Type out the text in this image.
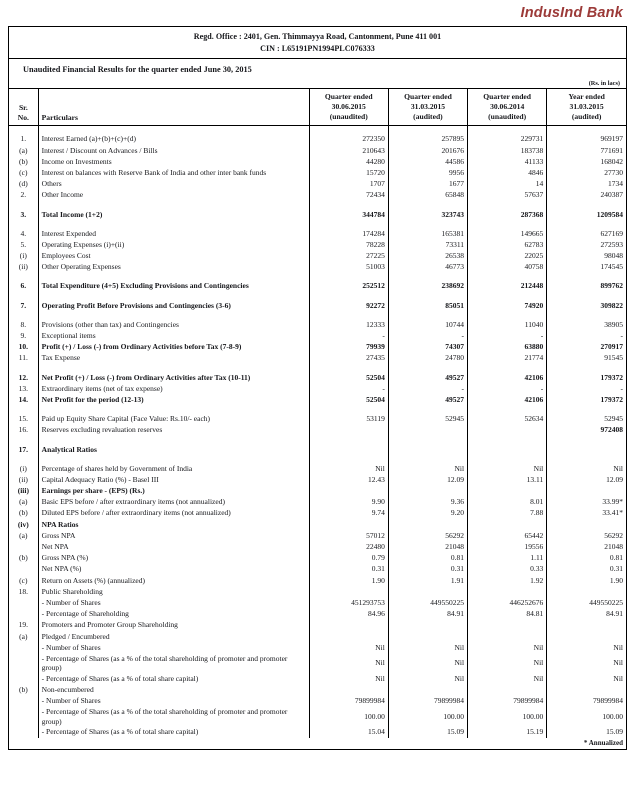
IndusInd Bank
Regd. Office : 2401, Gen. Thimmayya Road, Cantonment, Pune 411 001
CIN : L65191PN1994PLC076333
Unaudited Financial Results for the quarter ended June 30, 2015
(Rs. in lacs)
Sr.
No.	Particulars	Quarter ended
30.06.2015
(unaudited)	Quarter ended
31.03.2015
(audited)	Quarter ended
30.06.2014
(unaudited)	Year ended
31.03.2015
(audited)

1.	Interest Earned (a)+(b)+(c)+(d)	272350	257895	229731	969197
(a)	Interest / Discount on Advances / Bills	210643	201676	183738	771691
(b)	Income on Investments	44280	44586	41133	168042
(c)	Interest on balances with Reserve Bank of India and other inter bank funds	15720	9956	4846	27730
(d)	Others	1707	1677	14	1734
2.	Other Income	72434	65848	57637	240387

3.	Total Income (1+2)	344784	323743	287368	1209584

4.	Interest Expended	174284	165381	149665	627169
5.	Operating Expenses (i)+(ii)	78228	73311	62783	272593
(i)	Employees Cost	27225	26538	22025	98048
(ii)	Other Operating Expenses	51003	46773	40758	174545

6.	Total Expenditure (4+5) Excluding Provisions and Contingencies	252512	238692	212448	899762

7.	Operating Profit Before Provisions and Contingencies (3-6)	92272	85051	74920	309822

8.	Provisions (other than tax) and Contingencies	12333	10744	11040	38905
9.	Exceptional items	-	-	-	-
10.	Profit (+) / Loss (-) from Ordinary Activities before Tax (7-8-9)	79939	74307	63880	270917
11.	Tax Expense	27435	24780	21774	91545

12.	Net Profit (+) / Loss (-) from Ordinary Activities after Tax (10-11)	52504	49527	42106	179372
13.	Extraordinary items (net of tax expense)	-	-	-	-
14.	Net Profit for the period (12-13)	52504	49527	42106	179372

15.	Paid up Equity Share Capital (Face Value: Rs.10/- each)	53119	52945	52634	52945
16.	Reserves excluding revaluation reserves				972408

17.	Analytical Ratios				

(i)	Percentage of shares held by Government of India	Nil	Nil	Nil	Nil
(ii)	Capital Adequacy Ratio (%) - Basel III	12.43	12.09	13.11	12.09
(iii)	Earnings per share - (EPS) (Rs.)				
(a)	Basic EPS before / after extraordinary items (not annualized)	9.90	9.36	8.01	33.99*
(b)	Diluted EPS before / after extraordinary items (not annualized)	9.74	9.20	7.88	33.41*
(iv)	NPA Ratios				
(a)	Gross NPA	57012	56292	65442	56292
	Net NPA	22480	21048	19556	21048
(b)	Gross NPA (%)	0.79	0.81	1.11	0.81
	Net NPA (%)	0.31	0.31	0.33	0.31
(c)	Return on Assets (%) (annualized)	1.90	1.91	1.92	1.90
18.	Public Shareholding				
	- Number of Shares	451293753	449550225	446252676	449550225
	- Percentage of Shareholding	84.96	84.91	84.81	84.91
19.	Promoters and Promoter Group Shareholding				
(a)	Pledged / Encumbered				
	- Number of Shares	Nil	Nil	Nil	Nil
	- Percentage of Shares (as a % of the total shareholding of promoter and promoter group)	Nil	Nil	Nil	Nil
	- Percentage of Shares (as a % of total share capital)	Nil	Nil	Nil	Nil
(b)	Non-encumbered				
	- Number of Shares	79899984	79899984	79899984	79899984
	- Percentage of Shares (as a % of the total shareholding of promoter and promoter group)	100.00	100.00	100.00	100.00
	- Percentage of Shares (as a % of total share capital)	15.04	15.09	15.19	15.09
* Annualized					
